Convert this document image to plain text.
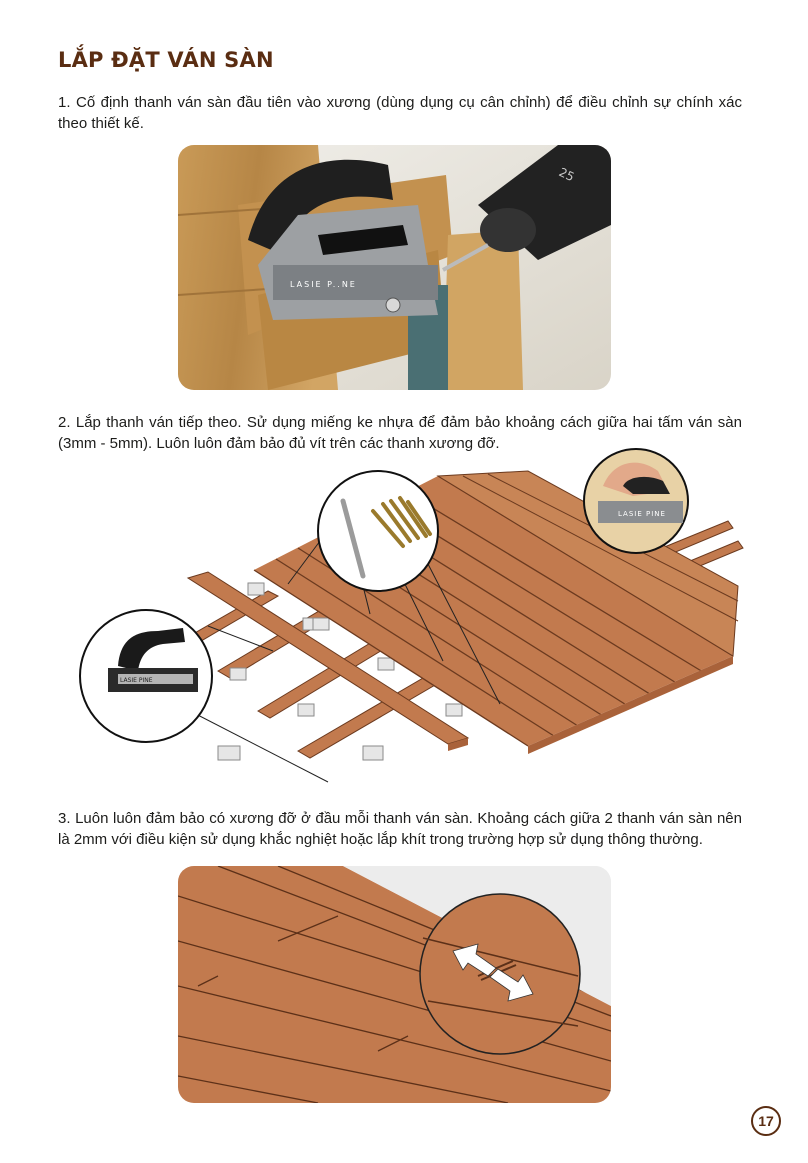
LẮP ĐẶT VÁN SÀN

1. Cố định thanh ván sàn đầu tiên vào xương (dùng dụng cụ cân chỉnh) để điều chỉnh sự chính xác theo thiết kế.

LASIE P..NE
25

2. Lắp thanh ván tiếp theo. Sử dụng miếng ke nhựa để đảm bảo khoảng cách giữa hai tấm ván sàn (3mm - 5mm). Luôn luôn đảm bảo đủ vít trên các thanh xương đỡ.

LASIE PINE
LASIE PINE

3. Luôn luôn đảm bảo có xương đỡ ở đầu mỗi thanh ván sàn. Khoảng cách giữa 2 thanh ván sàn nên là 2mm với điều kiện sử dụng khắc nghiệt hoặc lắp khít trong trường hợp sử dụng thông thường.

17
